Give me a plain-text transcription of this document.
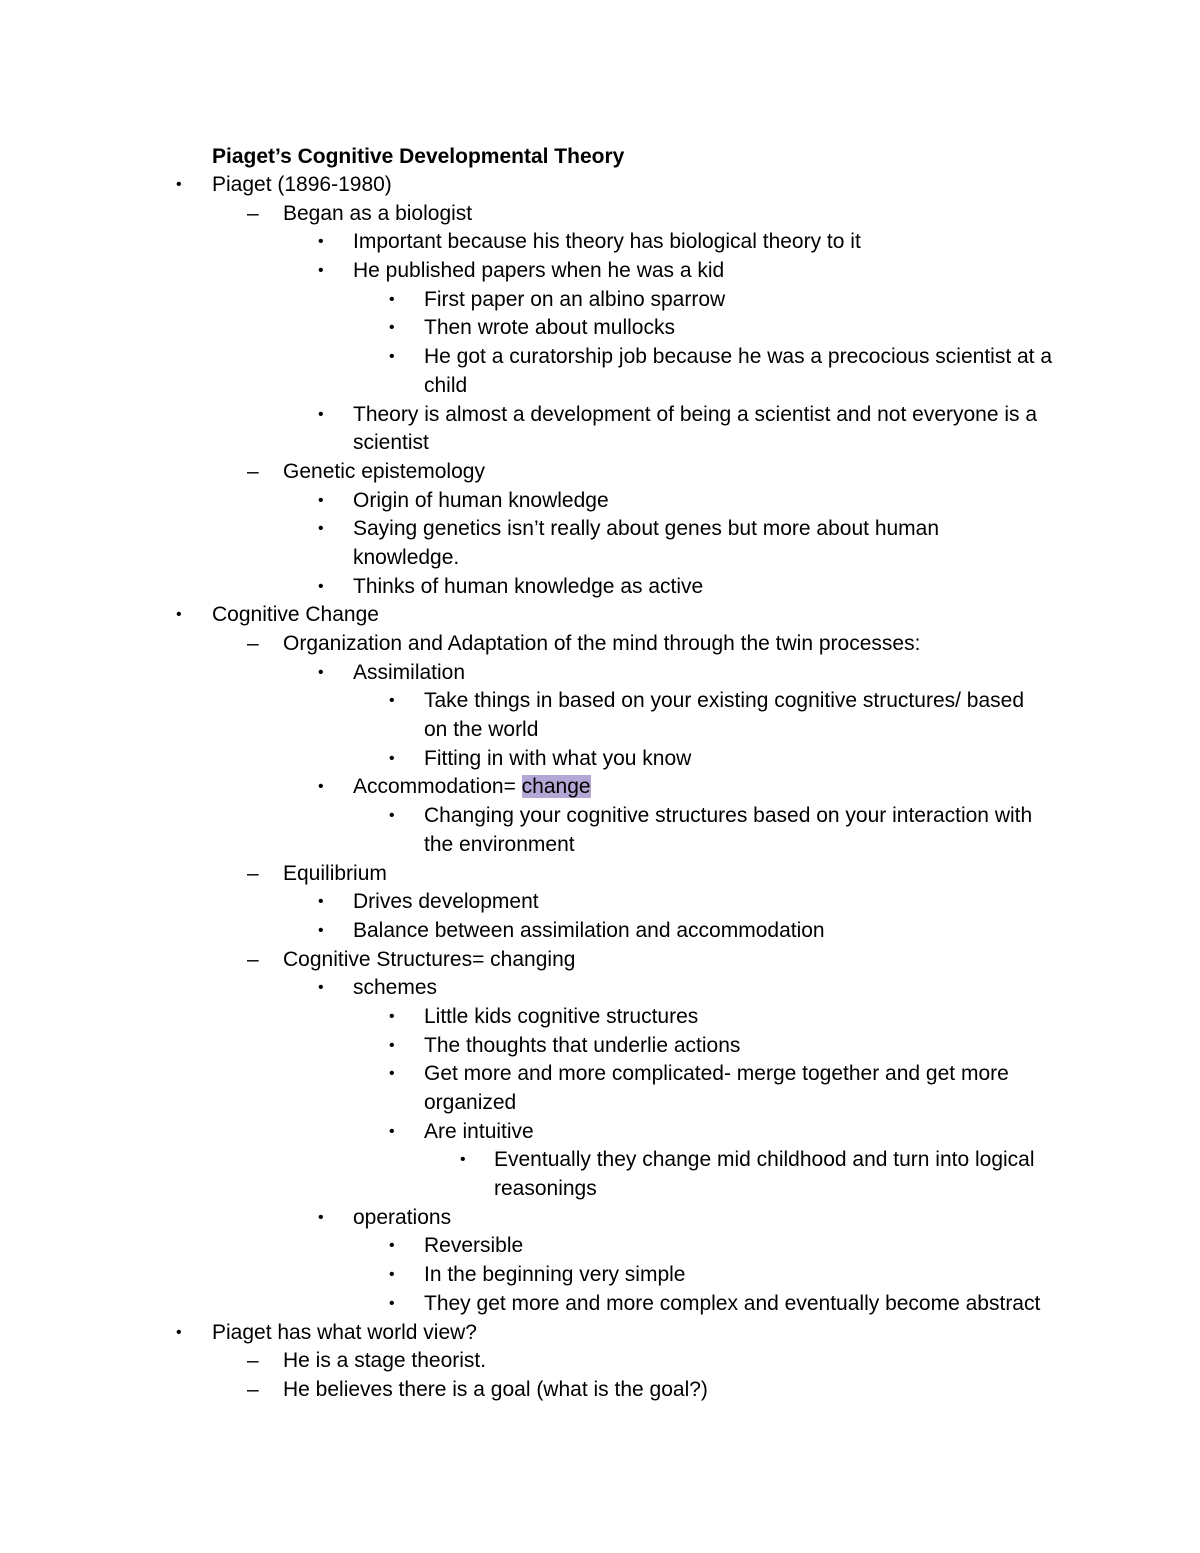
Piaget’s Cognitive Developmental Theory
• Piaget (1896-1980)
– Began as a biologist
• Important because his theory has biological theory to it
• He published papers when he was a kid
• First paper on an albino sparrow
• Then wrote about mullocks
• He got a curatorship job because he was a precocious scientist at a
child
• Theory is almost a development of being a scientist and not everyone is a
scientist
– Genetic epistemology
• Origin of human knowledge
• Saying genetics isn’t really about genes but more about human
knowledge.
• Thinks of human knowledge as active
• Cognitive Change
– Organization and Adaptation of the mind through the twin processes:
• Assimilation
• Take things in based on your existing cognitive structures/ based
on the world
• Fitting in with what you know
• Accommodation= change
• Changing your cognitive structures based on your interaction with
the environment
– Equilibrium
• Drives development
• Balance between assimilation and accommodation
– Cognitive Structures= changing
• schemes
• Little kids cognitive structures
• The thoughts that underlie actions
• Get more and more complicated- merge together and get more
organized
• Are intuitive
• Eventually they change mid childhood and turn into logical
reasonings
• operations
• Reversible
• In the beginning very simple
• They get more and more complex and eventually become abstract
• Piaget has what world view?
– He is a stage theorist.
– He believes there is a goal (what is the goal?)
